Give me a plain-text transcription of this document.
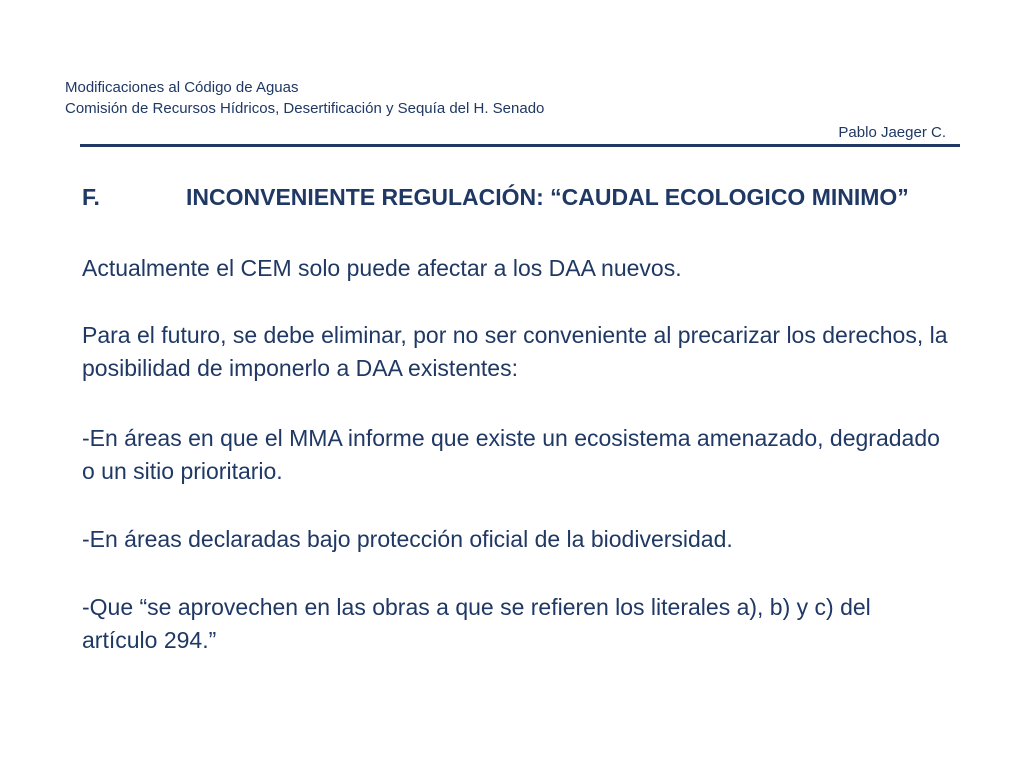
Modificaciones al Código de Aguas
Comisión de Recursos Hídricos, Desertificación y Sequía del H. Senado
Pablo Jaeger C.
F.	INCONVENIENTE REGULACIÓN: “CAUDAL ECOLOGICO MINIMO”

Actualmente el CEM solo puede afectar a los DAA nuevos.

Para el futuro, se debe eliminar, por no ser conveniente al precarizar los derechos, la posibilidad de imponerlo a DAA existentes:

-En áreas en que el MMA informe que existe un ecosistema amenazado, degradado o un sitio prioritario.

-En áreas declaradas bajo protección oficial de la biodiversidad.

-Que “se aprovechen en las obras a que se refieren los literales a), b) y c) del artículo 294.”
